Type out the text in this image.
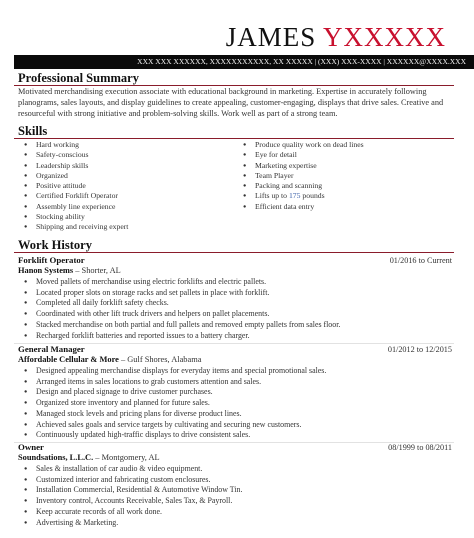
JAMES YXXXXX
XXX XXX XXXXXX, XXXXXXXXXXX, XX XXXXX | (XXX) XXX-XXXX | XXXXXX@XXXX.XXX
Professional Summary
Motivated merchandising execution associate with educational background in marketing. Expertise in accurately following planograms, sales layouts, and display guidelines to create appealing, customer-engaging, displays that drive sales. Creative and resourceful with strong initiative and problem-solving skills. Work well as part of a strong team.
Skills
● Hard working
● Safety-conscious
● Leadership skills
● Organized
● Positive attitude
● Certified Forklift Operator
● Assembly line experience
● Stocking ability
● Shipping and receiving expert
● Produce quality work on dead lines
● Eye for detail
● Marketing expertise
● Team Player
● Packing and scanning
● Lifts up to 175 pounds
● Efficient data entry
Work History
Forklift Operator	01/2016 to Current
Hanon Systems – Shorter, AL
● Moved pallets of merchandise using electric forklifts and electric pallets.
● Located proper slots on storage racks and set pallets in place with forklift.
● Completed all daily forklift safety checks.
● Coordinated with other lift truck drivers and helpers on pallet placements.
● Stacked merchandise on both partial and full pallets and removed empty pallets from sales floor.
● Recharged forklift batteries and reported issues to a battery charger.
General Manager	01/2012 to 12/2015
Affordable Cellular & More – Gulf Shores, Alabama
● Designed appealing merchandise displays for everyday items and special promotional sales.
● Arranged items in sales locations to grab customers attention and sales.
● Design and placed signage to drive customer purchases.
● Organized store inventory and planned for future sales.
● Managed stock levels and pricing plans for diverse product lines.
● Achieved sales goals and service targets by cultivating and securing new customers.
● Continuously updated high-traffic displays to drive consistent sales.
Owner	08/1999 to 08/2011
Soundsations, L.L.C. – Montgomery, AL
● Sales & installation of car audio & video equipment.
● Customized interior and fabricating custom enclosures.
● Installation Commercial, Residential & Automotive Window Tin.
● Inventory control, Accounts Receivable, Sales Tax, & Payroll.
● Keep accurate records of all work done.
● Advertising & Marketing.
